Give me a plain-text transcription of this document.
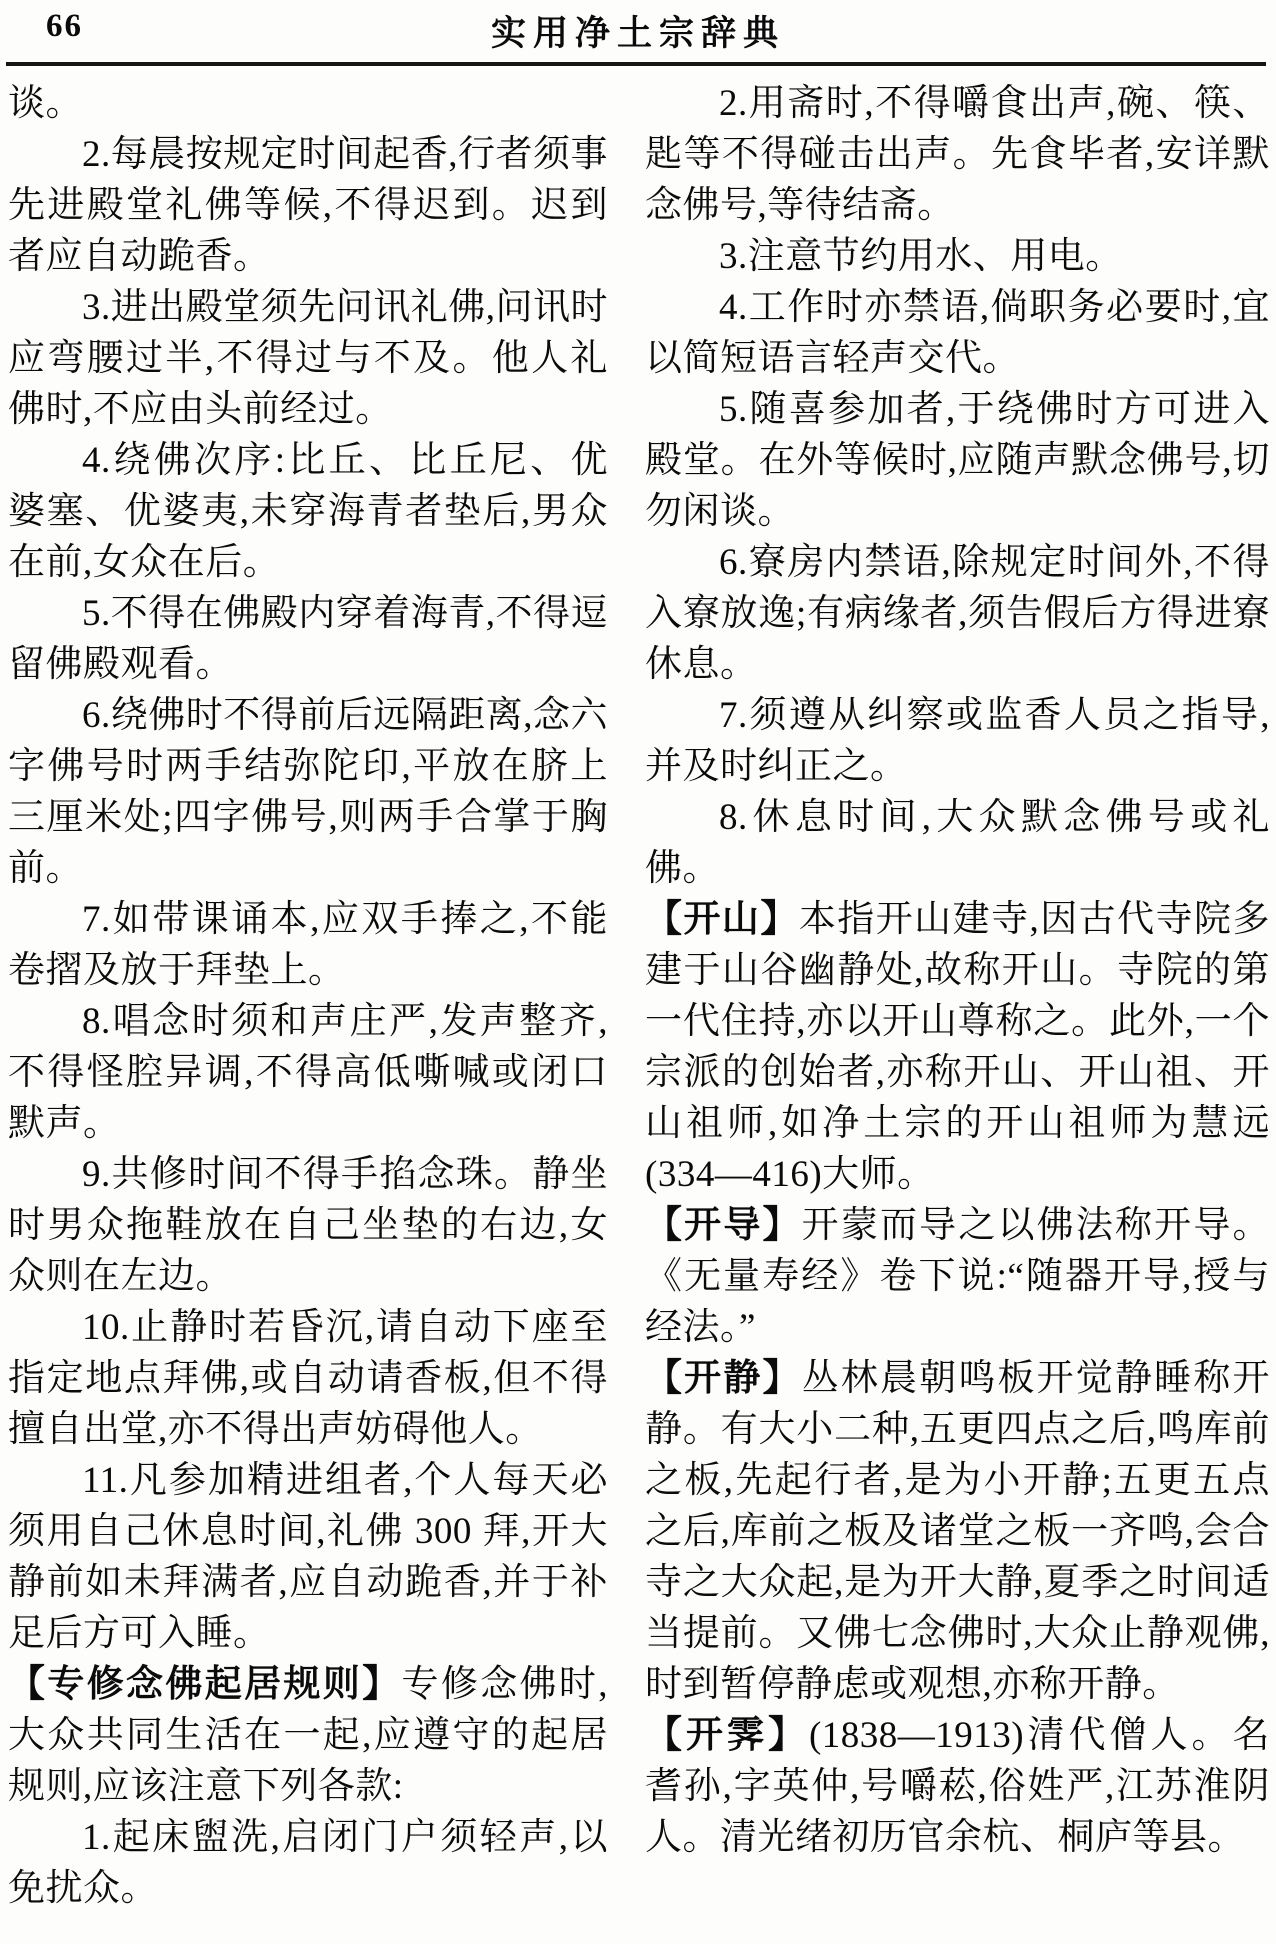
66	实用净土宗辞典

谈。

2.每晨按规定时间起香,行者须事先进殿堂礼佛等候,不得迟到。迟到者应自动跪香。

3.进出殿堂须先问讯礼佛,问讯时应弯腰过半,不得过与不及。他人礼佛时,不应由头前经过。

4.绕佛次序:比丘、比丘尼、优婆塞、优婆夷,未穿海青者垫后,男众在前,女众在后。

5.不得在佛殿内穿着海青,不得逗留佛殿观看。

6.绕佛时不得前后远隔距离,念六字佛号时两手结弥陀印,平放在脐上三厘米处;四字佛号,则两手合掌于胸前。

7.如带课诵本,应双手捧之,不能卷摺及放于拜垫上。

8.唱念时须和声庄严,发声整齐,不得怪腔异调,不得高低嘶喊或闭口默声。

9.共修时间不得手掐念珠。静坐时男众拖鞋放在自己坐垫的右边,女众则在左边。

10.止静时若昏沉,请自动下座至指定地点拜佛,或自动请香板,但不得擅自出堂,亦不得出声妨碍他人。

11.凡参加精进组者,个人每天必须用自己休息时间,礼佛 300 拜,开大静前如未拜满者,应自动跪香,并于补足后方可入睡。

【专修念佛起居规则】专修念佛时,大众共同生活在一起,应遵守的起居规则,应该注意下列各款:

1.起床盥洗,启闭门户须轻声,以免扰众。

2.用斋时,不得嚼食出声,碗、筷、匙等不得碰击出声。先食毕者,安详默念佛号,等待结斋。

3.注意节约用水、用电。

4.工作时亦禁语,倘职务必要时,宜以简短语言轻声交代。

5.随喜参加者,于绕佛时方可进入殿堂。在外等候时,应随声默念佛号,切勿闲谈。

6.寮房内禁语,除规定时间外,不得入寮放逸;有病缘者,须告假后方得进寮休息。

7.须遵从纠察或监香人员之指导,并及时纠正之。

8.休息时间,大众默念佛号或礼佛。

【开山】本指开山建寺,因古代寺院多建于山谷幽静处,故称开山。寺院的第一代住持,亦以开山尊称之。此外,一个宗派的创始者,亦称开山、开山祖、开山祖师,如净土宗的开山祖师为慧远(334—416)大师。

【开导】开蒙而导之以佛法称开导。《无量寿经》卷下说:“随器开导,授与经法。”

【开静】丛林晨朝鸣板开觉静睡称开静。有大小二种,五更四点之后,鸣库前之板,先起行者,是为小开静;五更五点之后,库前之板及诸堂之板一齐鸣,会合寺之大众起,是为开大静,夏季之时间适当提前。又佛七念佛时,大众止静观佛,时到暂停静虑或观想,亦称开静。

【开霁】(1838—1913)清代僧人。名耆孙,字英仲,号嚼菘,俗姓严,江苏淮阴人。清光绪初历官余杭、桐庐等县。
